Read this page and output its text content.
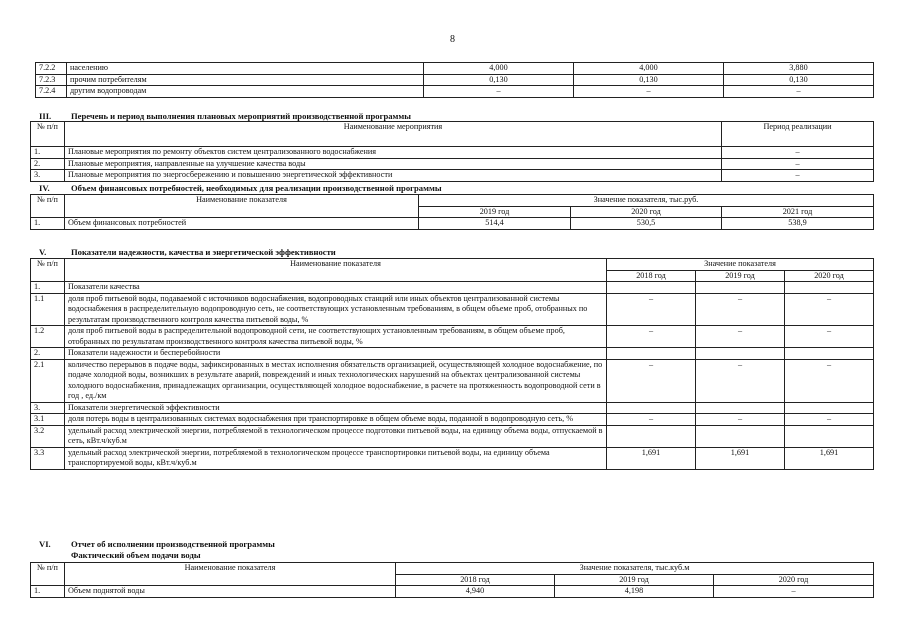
8
7.2.2	населению	4,000	4,000	3,880
7.2.3	прочим потребителям	0,130	0,130	0,130
7.2.4	другим водопроводам	–	–	–
III. Перечень и период выполнения плановых мероприятий производственной программы
№ п/п	Наименование мероприятия	Период реализации
1.	Плановые мероприятия по ремонту объектов систем централизованного водоснабжения	–
2.	Плановые мероприятия, направленные на улучшение качества воды	–
3.	Плановые мероприятия по энергосбережению и повышению энергетической эффективности	–
IV. Объем финансовых потребностей, необходимых для реализации производственной программы
№ п/п	Наименование показателя	Значение показателя, тыс.руб.		
		2019 год	2020 год	2021 год
1.	Объем финансовых потребностей	514,4	530,5	538,9
V.	Показатели надежности, качества и энергетической эффективности
№ п/п	Наименование показателя	Значение показателя		
		2018 год	2019 год	2020 год
1.	Показатели качества			
1.1	доля проб питьевой воды, подаваемой с источников водоснабжения, водопроводных станций или иных объектов централизованной системы водоснабжения в распределительную водопроводную сеть, не соответствующих установленным требованиям, в общем объеме проб, отобранных по результатам производственного контроля качества питьевой воды, %	–	–	–
1.2	доля проб питьевой воды в распределительной водопроводной сети, не соответствующих установленным требованиям, в общем объеме проб, отобранных по результатам производственного контроля качества питьевой воды, %	–	–	–
2.	Показатели надежности и бесперебойности			
2.1	количество перерывов в подаче воды, зафиксированных в местах исполнения обязательств организацией, осуществляющей холодное водоснабжение, по подаче холодной воды, возникших в результате аварий, повреждений и иных технологических нарушений на объектах централизованной системы холодного водоснабжения, принадлежащих организации, осуществляющей холодное водоснабжение, в расчете на протяженность водопроводной сети в год , ед./км	–	–	–
3.	Показатели энергетической эффективности			
3.1	доля потерь воды в централизованных системах водоснабжения при транспортировке в общем объеме воды, поданной в водопроводную сеть, %	–	–	–
3.2	удельный расход электрической энергии, потребляемой в технологическом процессе подготовки питьевой воды, на единицу объема воды, отпускаемой в сеть, кВт.ч/куб.м			
3.3	удельный расход электрической энергии, потребляемой в технологическом процессе транспортировки питьевой воды, на единицу объема транспортируемой воды, кВт.ч/куб.м	1,691	1,691	1,691
VI. Отчет об исполнении производственной программы
Фактический объем подачи воды
№ п/п	Наименование показателя	Значение показателя, тыс.куб.м		
		2018 год	2019 год	2020 год
1.	Объем поднятой воды	4,940	4,198	–
